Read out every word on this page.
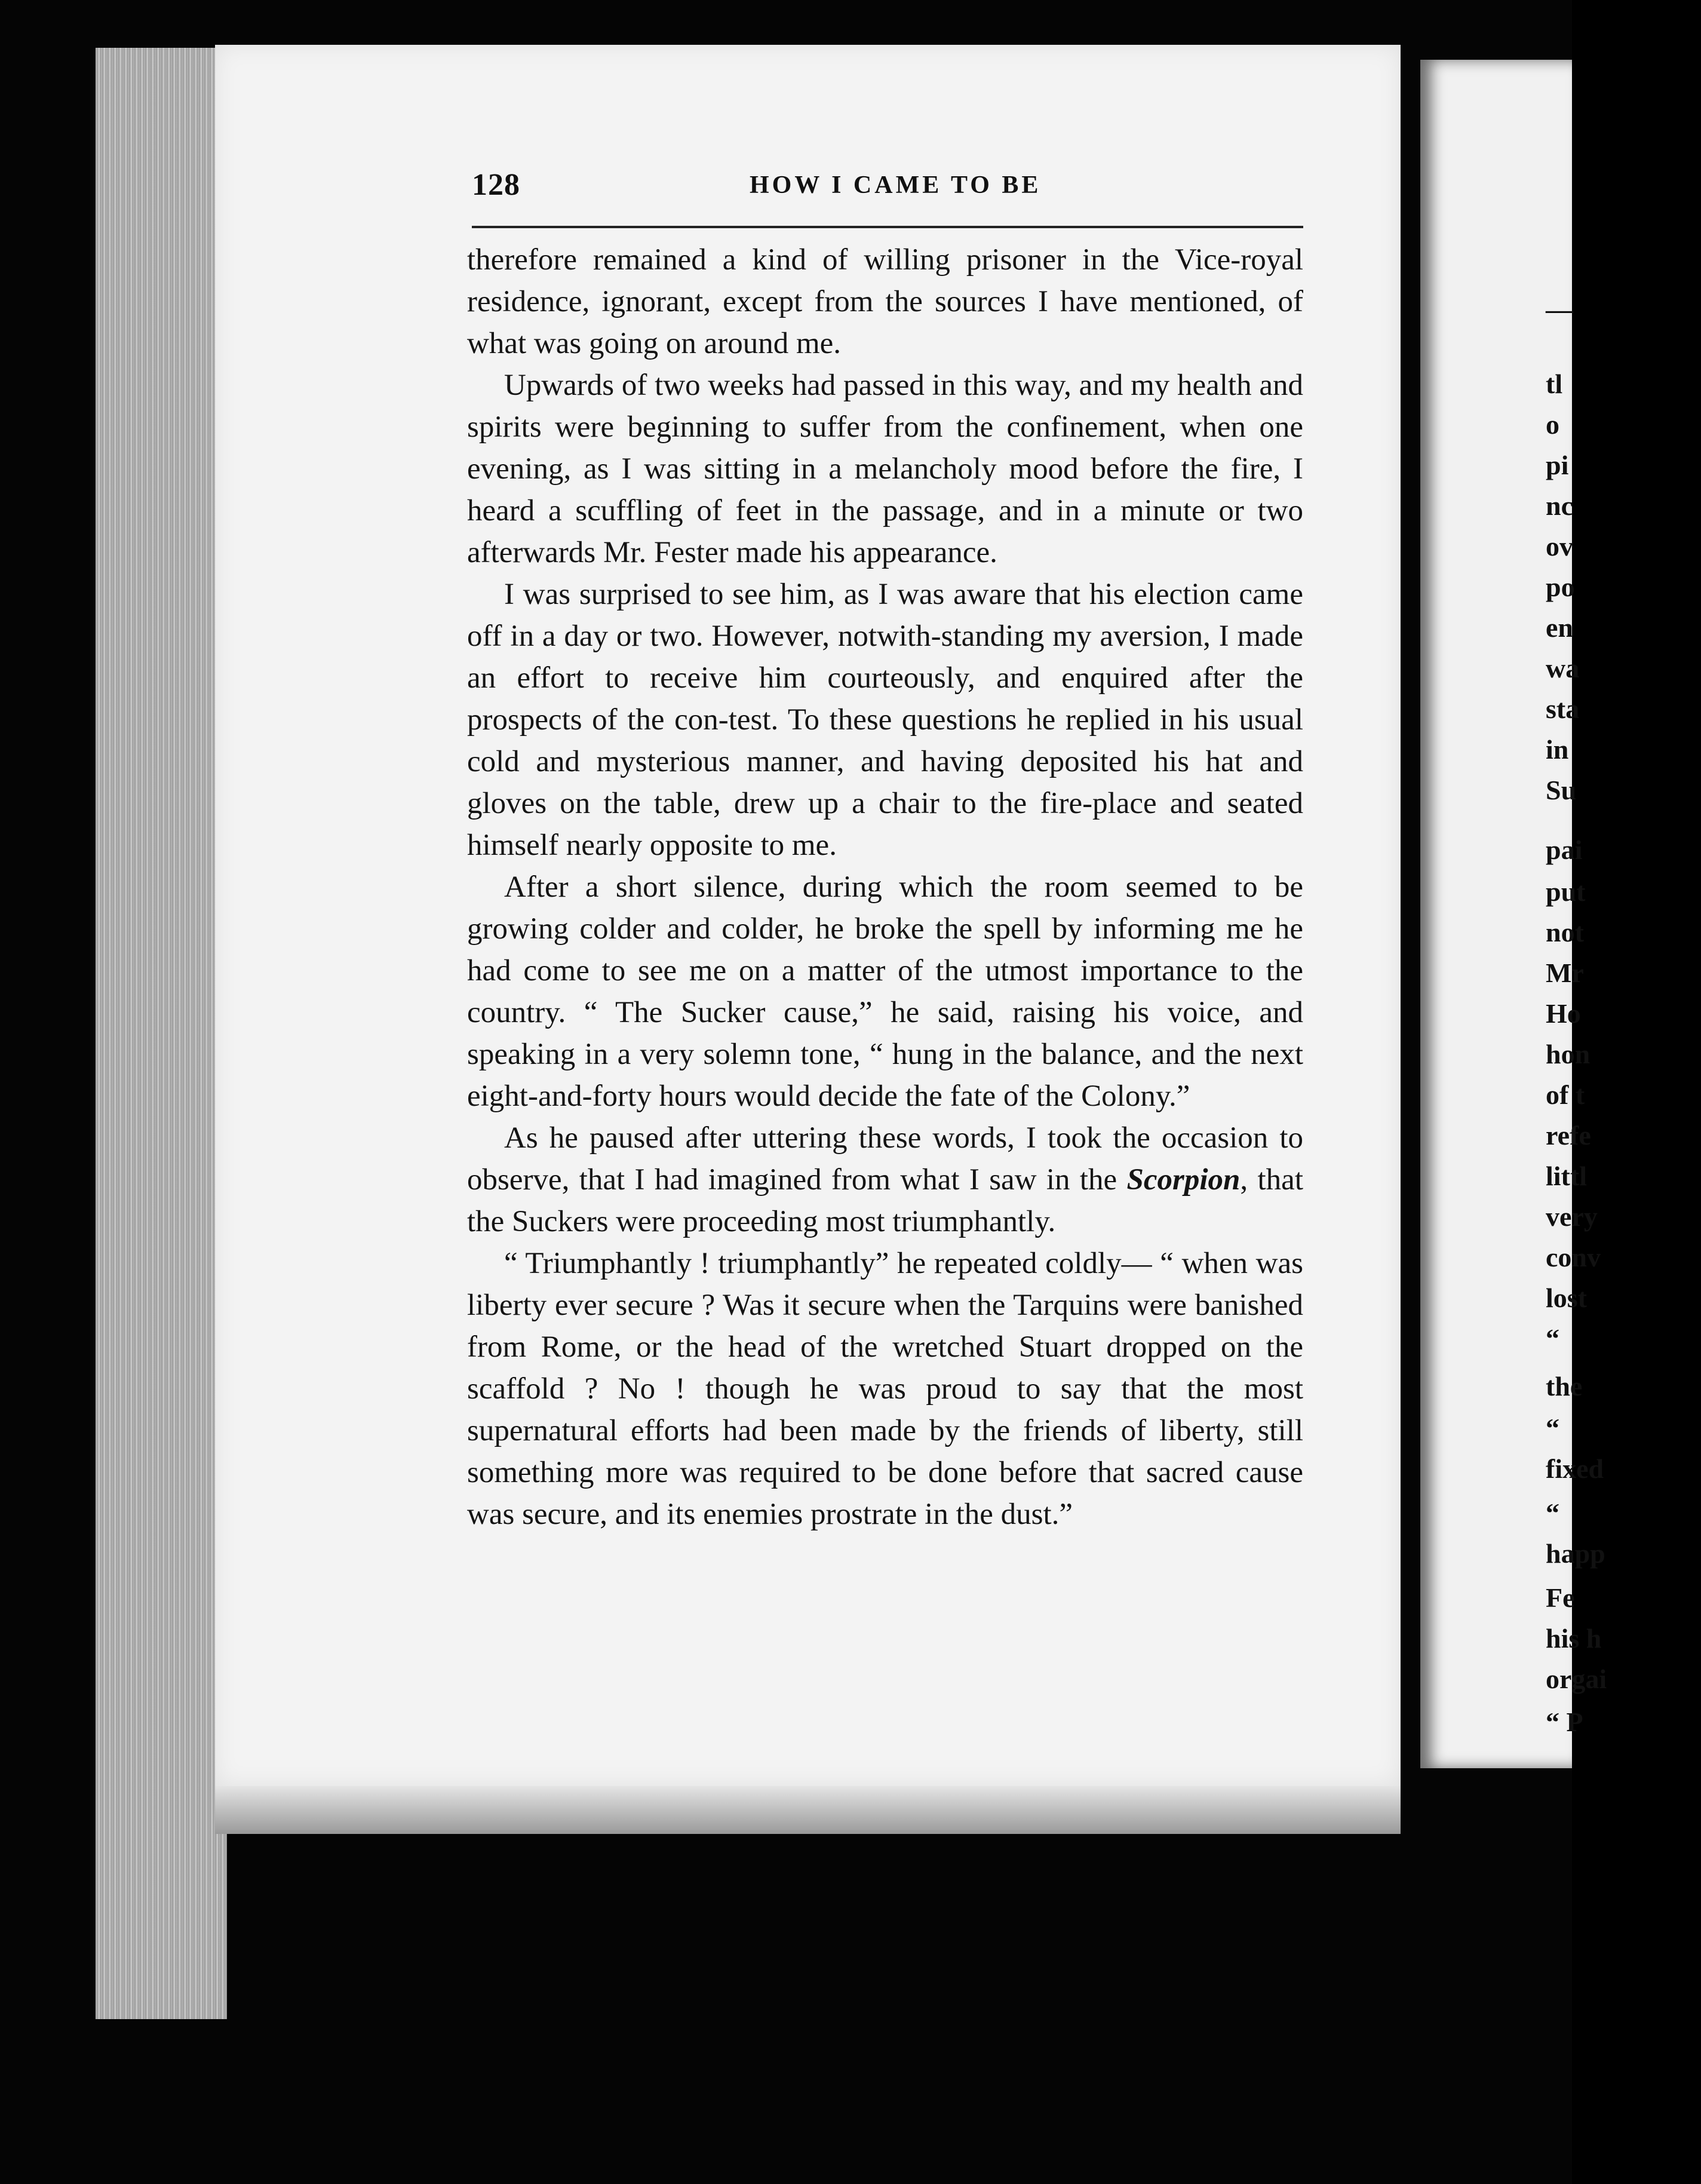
—
tl
o
pi
nc
ov
po
en
wa
sta
in
Su
pai
put
not
Mr
Ho
hon
of t
refe
littl
very
conv
lost
“
the
“
fixed
“
happ
Fe
his h
orgai
“ P
128	HOW I CAME TO BE

therefore remained a kind of willing prisoner in the Vice-royal residence, ignorant, except from the sources I have mentioned, of what was going on around me.

Upwards of two weeks had passed in this way, and my health and spirits were beginning to suffer from the confinement, when one evening, as I was sitting in a melancholy mood before the fire, I heard a scuffling of feet in the passage, and in a minute or two afterwards Mr. Fester made his appearance.

I was surprised to see him, as I was aware that his election came off in a day or two. However, notwith-standing my aversion, I made an effort to receive him courteously, and enquired after the prospects of the con-test. To these questions he replied in his usual cold and mysterious manner, and having deposited his hat and gloves on the table, drew up a chair to the fire-place and seated himself nearly opposite to me.

After a short silence, during which the room seemed to be growing colder and colder, he broke the spell by informing me he had come to see me on a matter of the utmost importance to the country. “ The Sucker cause,” he said, raising his voice, and speaking in a very solemn tone, “ hung in the balance, and the next eight-and-forty hours would decide the fate of the Colony.”

As he paused after uttering these words, I took the occasion to observe, that I had imagined from what I saw in the Scorpion, that the Suckers were proceeding most triumphantly.

“ Triumphantly ! triumphantly” he repeated coldly— “ when was liberty ever secure ? Was it secure when the Tarquins were banished from Rome, or the head of the wretched Stuart dropped on the scaffold ? No ! though he was proud to say that the most supernatural efforts had been made by the friends of liberty, still something more was required to be done before that sacred cause was secure, and its enemies prostrate in the dust.”
